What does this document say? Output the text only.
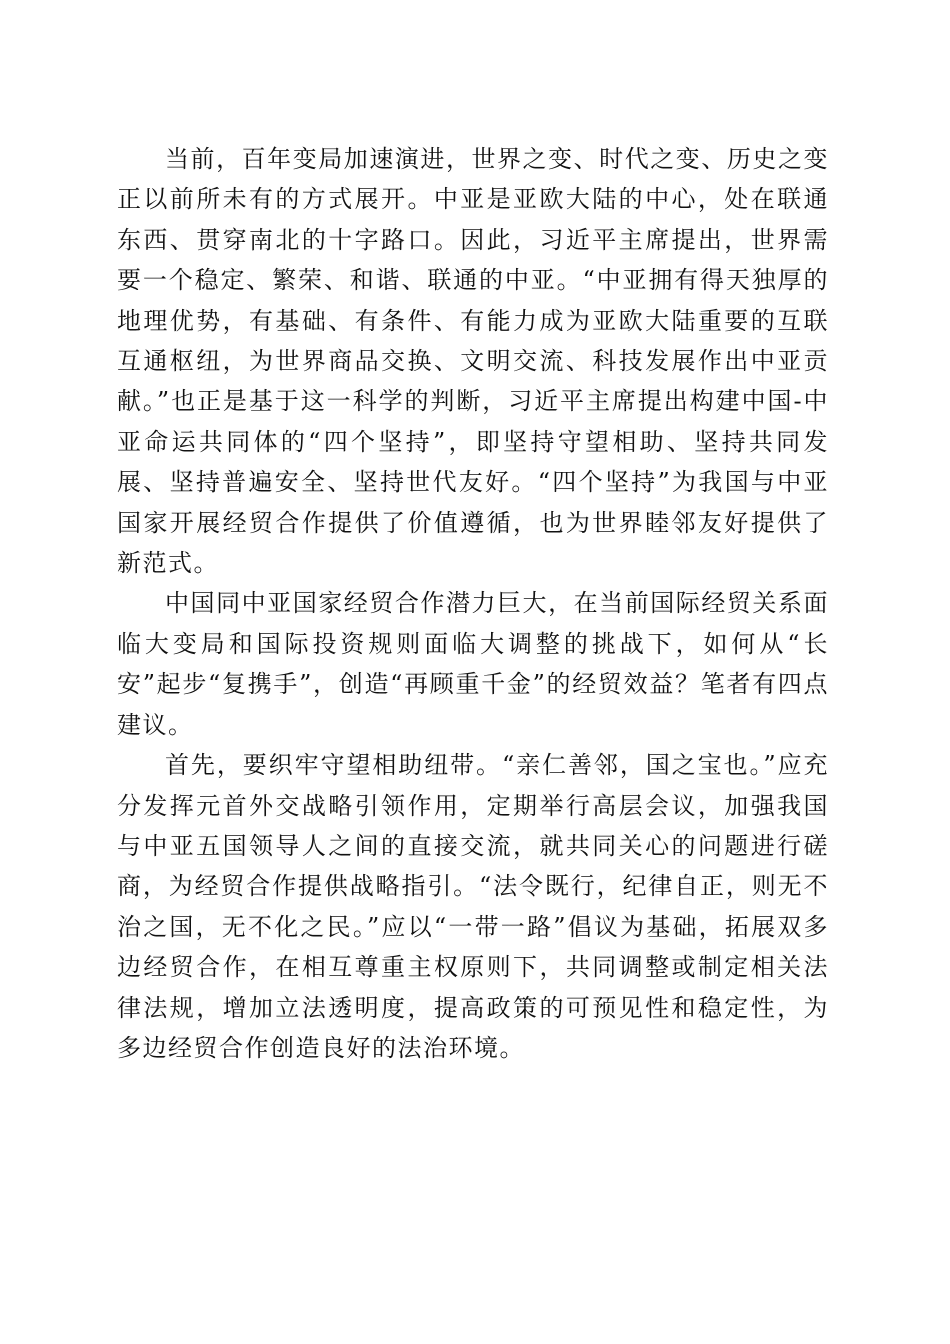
当前，百年变局加速演进，世界之变、时代之变、历史之变正以前所未有的方式展开。中亚是亚欧大陆的中心，处在联通东西、贯穿南北的十字路口。因此，习近平主席提出，世界需要一个稳定、繁荣、和谐、联通的中亚。“中亚拥有得天独厚的地理优势，有基础、有条件、有能力成为亚欧大陆重要的互联互通枢纽，为世界商品交换、文明交流、科技发展作出中亚贡献。”也正是基于这一科学的判断，习近平主席提出构建中国-中亚命运共同体的“四个坚持”，即坚持守望相助、坚持共同发展、坚持普遍安全、坚持世代友好。“四个坚持”为我国与中亚国家开展经贸合作提供了价值遵循，也为世界睦邻友好提供了新范式。

中国同中亚国家经贸合作潜力巨大，在当前国际经贸关系面临大变局和国际投资规则面临大调整的挑战下，如何从“长安”起步“复携手”，创造“再顾重千金”的经贸效益？笔者有四点建议。

首先，要织牢守望相助纽带。“亲仁善邻，国之宝也。”应充分发挥元首外交战略引领作用，定期举行高层会议，加强我国与中亚五国领导人之间的直接交流，就共同关心的问题进行磋商，为经贸合作提供战略指引。“法令既行，纪律自正，则无不治之国，无不化之民。”应以“一带一路”倡议为基础，拓展双多边经贸合作，在相互尊重主权原则下，共同调整或制定相关法律法规，增加立法透明度，提高政策的可预见性和稳定性，为多边经贸合作创造良好的法治环境。
